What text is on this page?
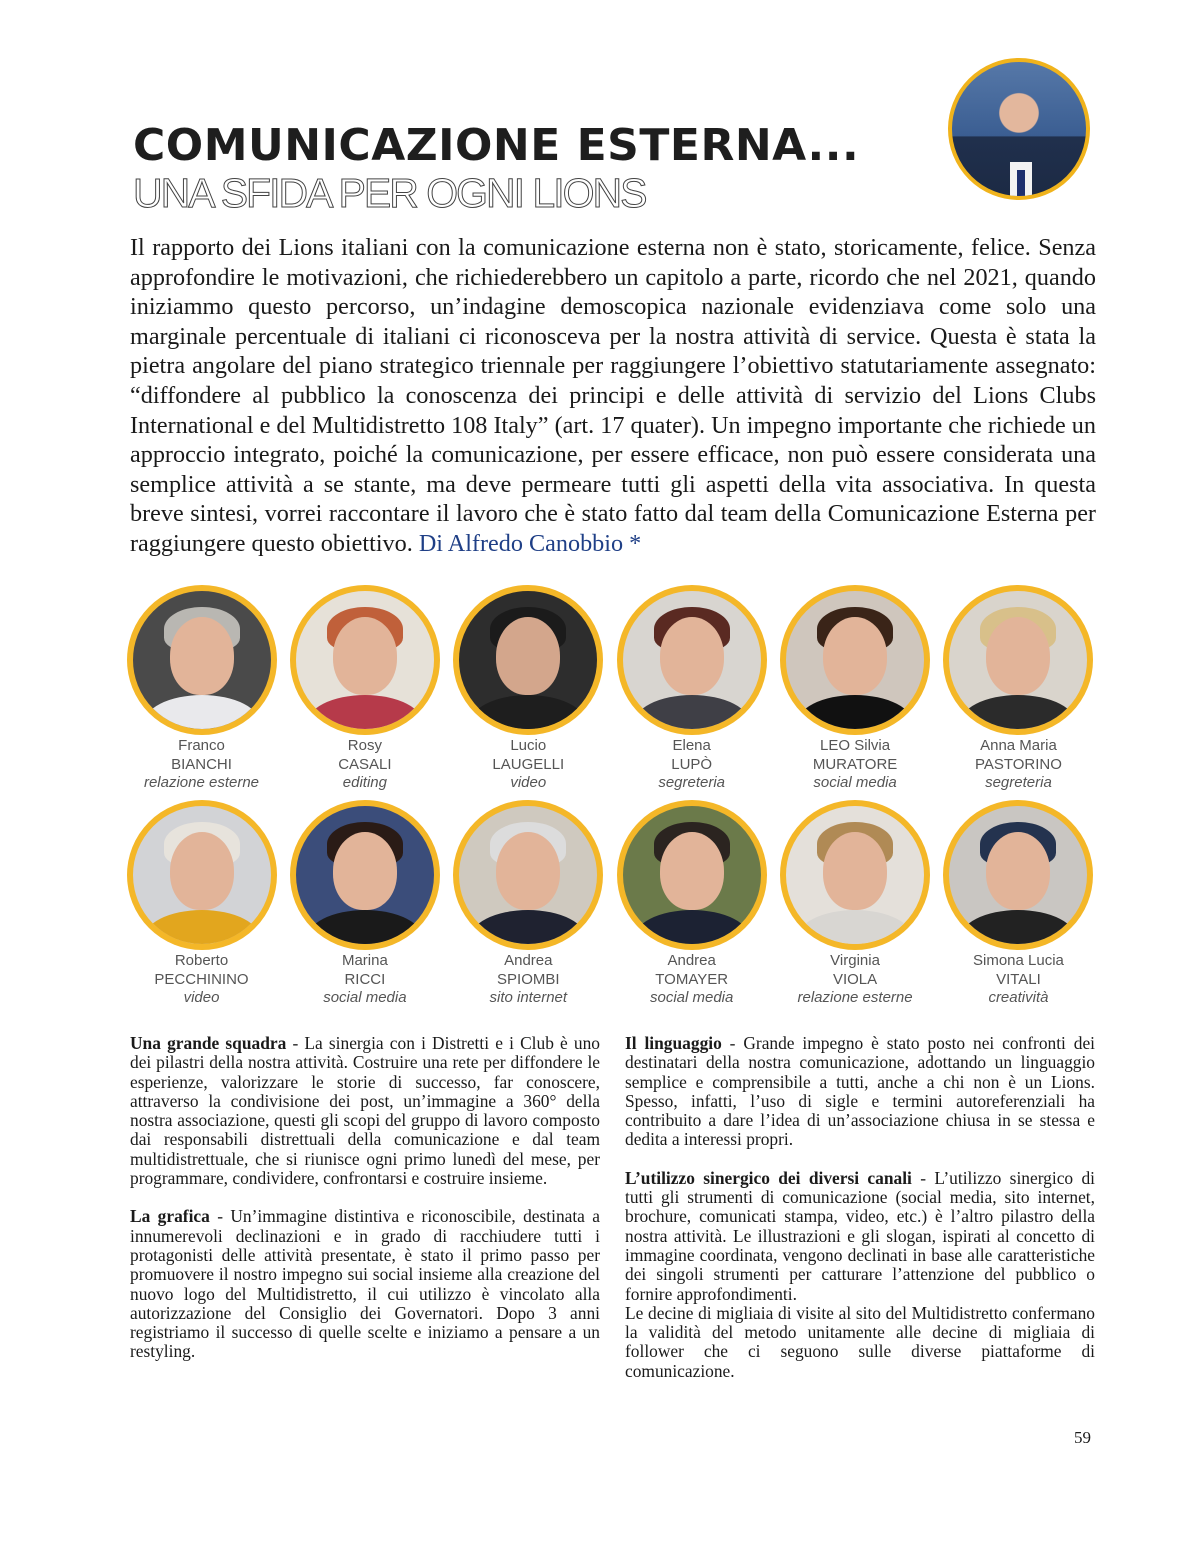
COMUNICAZIONE ESTERNA...
UNA SFIDA PER OGNI LIONS
Il rapporto dei Lions italiani con la comunicazione esterna non è stato, storicamente, felice. Senza approfondire le motivazioni, che richiederebbero un capitolo a parte, ricordo che nel 2021, quando iniziammo questo percorso, un’indagine demoscopica nazionale evidenziava come solo una marginale percentuale di italiani ci riconosceva per la nostra attività di service. Questa è stata la pietra angolare del piano strategico triennale per raggiungere l’obiettivo statutariamente assegnato: “diffondere al pubblico la conoscenza dei principi e delle attività di servizio del Lions Clubs International e del Multidistretto 108 Italy” (art. 17 quater). Un impegno importante che richiede un approccio integrato, poiché la comunicazione, per essere efficace, non può essere considerata una semplice attività a se stante, ma deve permeare tutti gli aspetti della vita associativa. In questa breve sintesi, vorrei raccontare il lavoro che è stato fatto dal team della Comunicazione Esterna per raggiungere questo obiettivo. Di Alfredo Canobbio *
Franco
BIANCHI
relazione esterne
Rosy
CASALI
editing
Lucio
LAUGELLI
video
Elena
LUPÒ
segreteria
LEO Silvia
MURATORE
social media
Anna Maria
PASTORINO
segreteria
Roberto
PECCHININO
video
Marina
RICCI
social media
Andrea
SPIOMBI
sito internet
Andrea
TOMAYER
social media
Virginia
VIOLA
relazione esterne
Simona Lucia
VITALI
creatività

Una grande squadra - La sinergia con i Distretti e i Club è uno dei pilastri della nostra attività. Costruire una rete per diffondere le esperienze, valorizzare le storie di successo, far conoscere, attraverso la condivisione dei post, un’immagine a 360° della nostra associazione, questi gli scopi del gruppo di lavoro composto dai responsabili distrettuali della comunicazione e dal team multidistrettuale, che si riunisce ogni primo lunedì del mese, per programmare, condividere, confrontarsi e costruire insieme.

La grafica - Un’immagine distintiva e riconoscibile, destinata a innumerevoli declinazioni e in grado di racchiudere tutti i protagonisti delle attività presentate, è stato il primo passo per promuovere il nostro impegno sui social insieme alla creazione del nuovo logo del Multidistretto, il cui utilizzo è vincolato alla autorizzazione del Consiglio dei Governatori. Dopo 3 anni registriamo il successo di quelle scelte e iniziamo a pensare a un restyling.

Il linguaggio - Grande impegno è stato posto nei confronti dei destinatari della nostra comunicazione, adottando un linguaggio semplice e comprensibile a tutti, anche a chi non è un Lions. Spesso, infatti, l’uso di sigle e termini autoreferenziali ha contribuito a dare l’idea di un’associazione chiusa in se stessa e dedita a interessi propri.

L’utilizzo sinergico dei diversi canali - L’utilizzo sinergico di tutti gli strumenti di comunicazione (social media, sito internet, brochure, comunicati stampa, video, etc.) è l’altro pilastro della nostra attività. Le illustrazioni e gli slogan, ispirati al concetto di immagine coordinata, vengono declinati in base alle caratteristiche dei singoli strumenti per catturare l’attenzione del pubblico o fornire approfondimenti.

Le decine di migliaia di visite al sito del Multidistretto confermano la validità del metodo unitamente alle decine di migliaia di follower che ci seguono sulle diverse piattaforme di comunicazione.

59
